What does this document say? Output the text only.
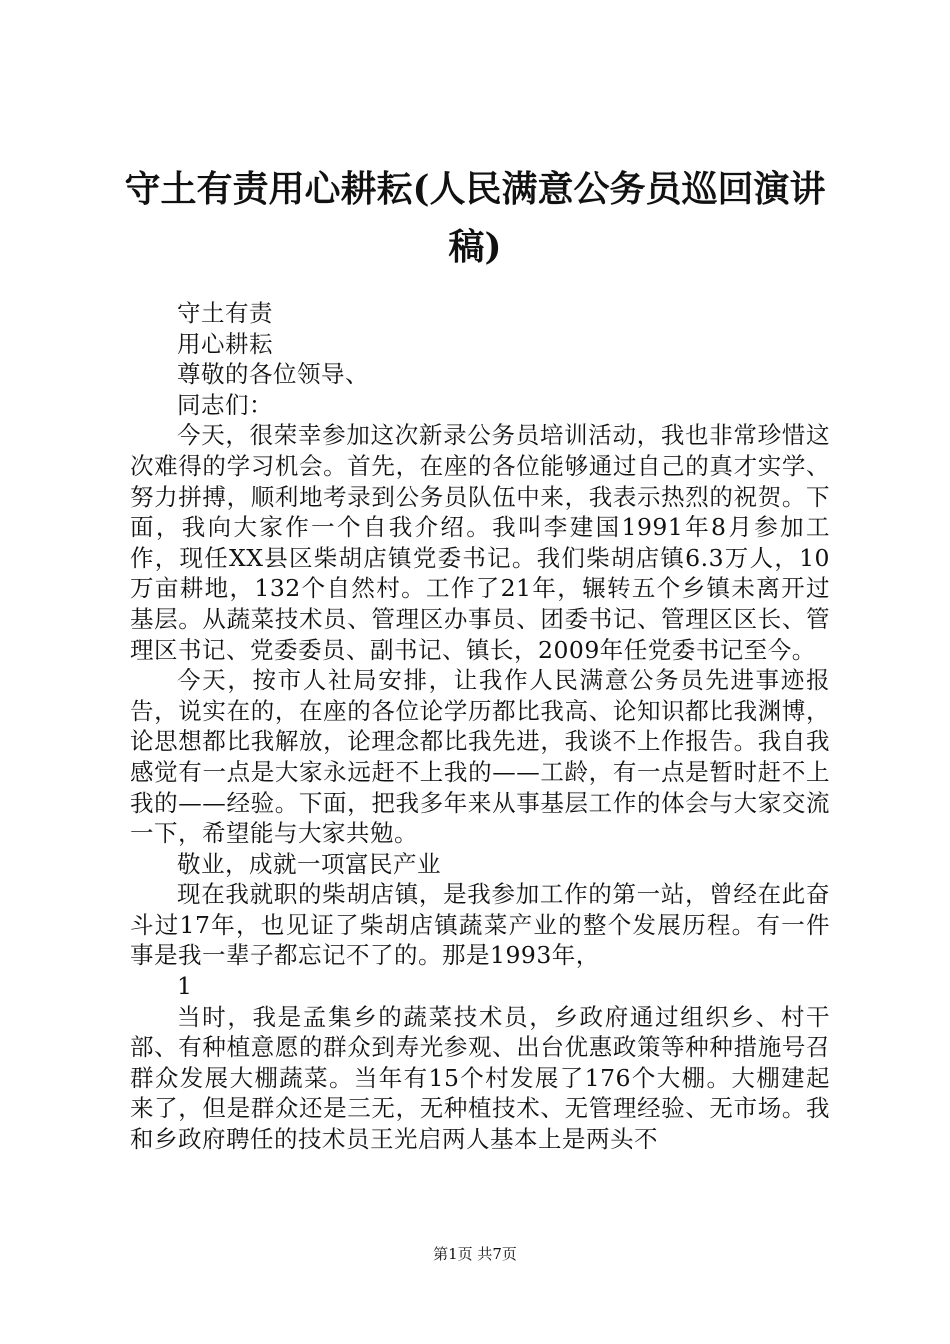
守土有责用心耕耘(人民满意公务员巡回演讲稿)

守土有责

用心耕耘

尊敬的各位领导、

同志们：

今天，很荣幸参加这次新录公务员培训活动，我也非常珍惜这次难得的学习机会。首先，在座的各位能够通过自己的真才实学、努力拼搏，顺利地考录到公务员队伍中来，我表示热烈的祝贺。下面，我向大家作一个自我介绍。我叫李建国1991年8月参加工作，现任XX县区柴胡店镇党委书记。我们柴胡店镇6.3万人，10万亩耕地，132个自然村。工作了21年，辗转五个乡镇未离开过基层。从蔬菜技术员、管理区办事员、团委书记、管理区区长、管理区书记、党委委员、副书记、镇长，2009年任党委书记至今。

今天，按市人社局安排，让我作人民满意公务员先进事迹报告，说实在的，在座的各位论学历都比我高、论知识都比我渊博，论思想都比我解放，论理念都比我先进，我谈不上作报告。我自我感觉有一点是大家永远赶不上我的——工龄，有一点是暂时赶不上我的——经验。下面，把我多年来从事基层工作的体会与大家交流一下，希望能与大家共勉。

敬业，成就一项富民产业

现在我就职的柴胡店镇，是我参加工作的第一站，曾经在此奋斗过17年，也见证了柴胡店镇蔬菜产业的整个发展历程。有一件事是我一辈子都忘记不了的。那是1993年，

1

当时，我是孟集乡的蔬菜技术员，乡政府通过组织乡、村干部、有种植意愿的群众到寿光参观、出台优惠政策等种种措施号召群众发展大棚蔬菜。当年有15个村发展了176个大棚。大棚建起来了，但是群众还是三无，无种植技术、无管理经验、无市场。我和乡政府聘任的技术员王光启两人基本上是两头不

第1页 共7页
